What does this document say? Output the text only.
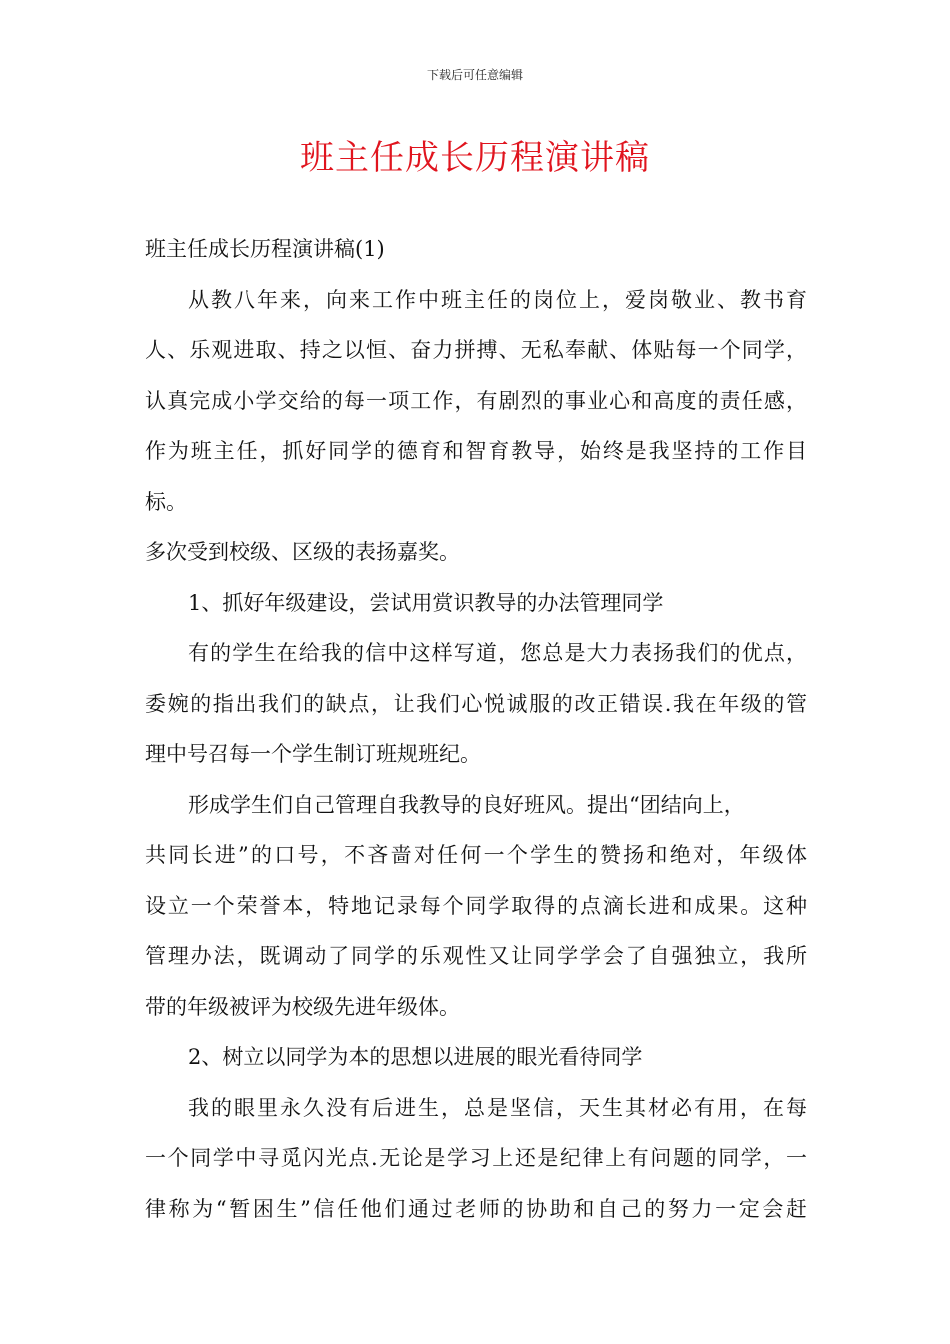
下载后可任意编辑
班主任成长历程演讲稿
班主任成长历程演讲稿(1)
从教八年来，向来工作中班主任的岗位上，爱岗敬业、教书育
人、乐观进取、持之以恒、奋力拼搏、无私奉献、体贴每一个同学，
认真完成小学交给的每一项工作，有剧烈的事业心和高度的责任感，
作为班主任，抓好同学的德育和智育教导，始终是我坚持的工作目
标。
多次受到校级、区级的表扬嘉奖。
1、抓好年级建设，尝试用赏识教导的办法管理同学
有的学生在给我的信中这样写道，您总是大力表扬我们的优点，
委婉的指出我们的缺点，让我们心悦诚服的改正错误.我在年级的管
理中号召每一个学生制订班规班纪。
形成学生们自己管理自我教导的良好班风。提出“团结向上，
共同长进”的口号，不吝啬对任何一个学生的赞扬和绝对，年级体
设立一个荣誉本，特地记录每个同学取得的点滴长进和成果。这种
管理办法，既调动了同学的乐观性又让同学学会了自强独立，我所
带的年级被评为校级先进年级体。
2、树立以同学为本的思想以进展的眼光看待同学
我的眼里永久没有后进生，总是坚信，天生其材必有用，在每
一个同学中寻觅闪光点.无论是学习上还是纪律上有问题的同学，一
律称为“暂困生”信任他们通过老师的协助和自己的努力一定会赶
